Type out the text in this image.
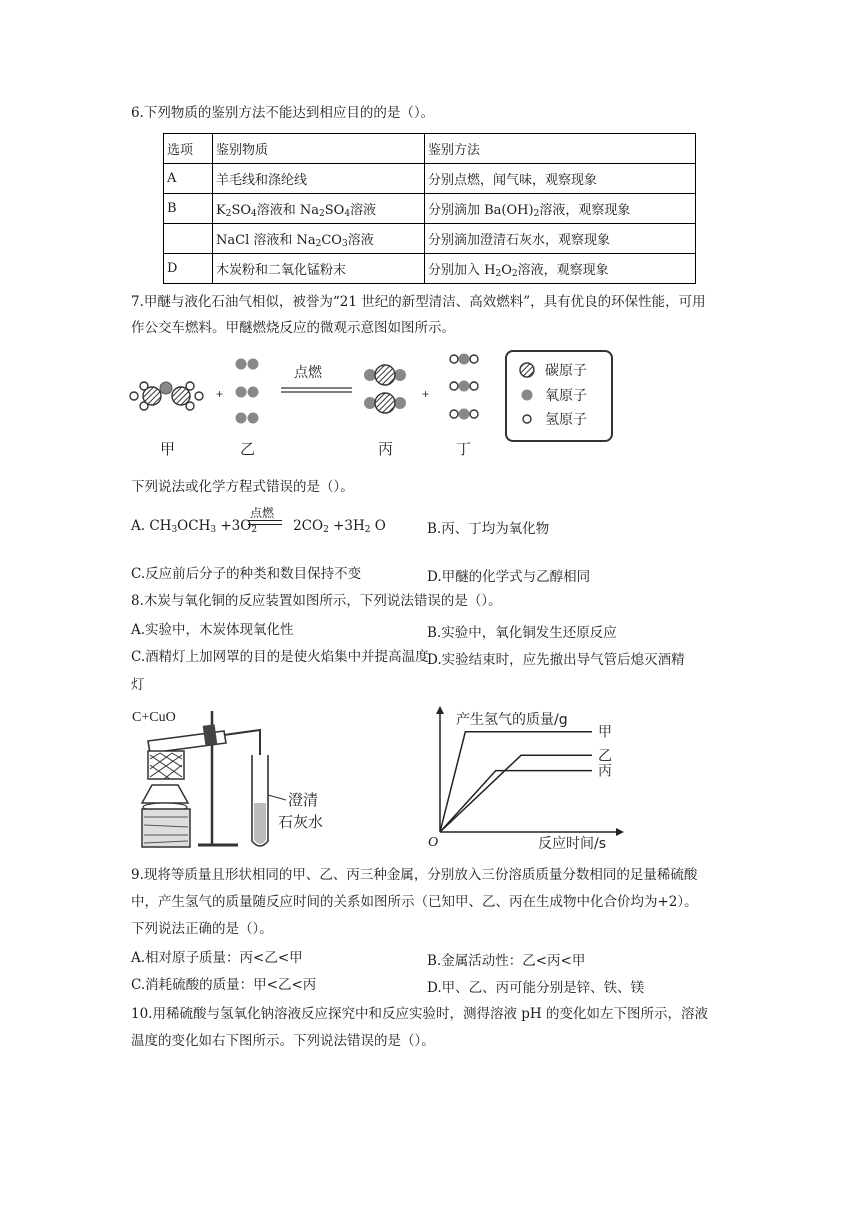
6.下列物质的鉴别方法不能达到相应目的的是（）。
选项	鉴别物质	鉴别方法
A	羊毛线和涤纶线	分别点燃，闻气味，观察现象
B	$K_2SO_4$溶液和 $Na_2SO_4$溶液	分别滴加 $Ba(OH)_2$溶液，观察现象
	NaCl 溶液和 $Na_2CO_3$溶液	分别滴加澄清石灰水，观察现象
D	木炭粉和二氧化锰粉末	分别加入 $H_2O_2$溶液，观察现象
7.甲醚与液化石油气相似，被誉为“21 世纪的新型清洁、高效燃料”，具有优良的环保性能，可用
作公交车燃料。甲醚燃烧反应的微观示意图如图所示。
+
点燃
+
甲	乙	丙	丁
碳原子
氧原子
氢原子
下列说法或化学方程式错误的是（）。
点燃
A. $CH_3OCH_3 +3O_2$	$2CO_2 +3H_2$ O	B.丙、丁均为氧化物
C.反应前后分子的种类和数目保持不变	D.甲醚的化学式与乙醇相同
8.木炭与氧化铜的反应装置如图所示，下列说法错误的是（）。
A.实验中，木炭体现氧化性	B.实验中，氧化铜发生还原反应
C.酒精灯上加网罩的目的是使火焰集中并提高温度
D.实验结束时，应先撤出导气管后熄灭酒精
灯
C+CuO
澄清
石灰水
产生氢气的质量/g
反应时间/s
O
甲
乙
丙
9.现将等质量且形状相同的甲、乙、丙三种金属，分别放入三份溶质质量分数相同的足量稀硫酸
中，产生氢气的质量随反应时间的关系如图所示（已知甲、乙、丙在生成物中化合价均为+2）。
下列说法正确的是（）。
A.相对原子质量：丙<乙<甲	B.金属活动性：乙<丙<甲
C.消耗硫酸的质量：甲<乙<丙	D.甲、乙、丙可能分别是锌、铁、镁
10.用稀硫酸与氢氧化钠溶液反应探究中和反应实验时，测得溶液 pH 的变化如左下图所示，溶液
温度的变化如右下图所示。下列说法错误的是（）。
